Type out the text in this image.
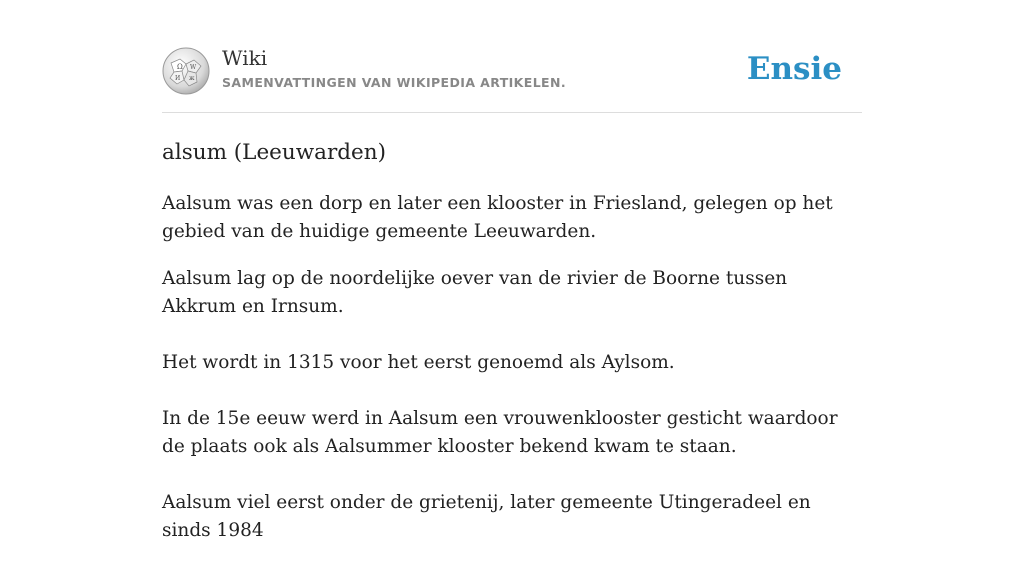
Ω W
И ж
Wiki
SAMENVATTINGEN VAN WIKIPEDIA ARTIKELEN.	Ensie
alsum (Leeuwarden)

Aalsum was een dorp en later een klooster in Friesland, gelegen op het gebied van de huidige gemeente Leeuwarden.

Aalsum lag op de noordelijke oever van de rivier de Boorne tussen Akkrum en Irnsum.

Het wordt in 1315 voor het eerst genoemd als Aylsom.

In de 15e eeuw werd in Aalsum een vrouwenklooster gesticht waardoor de plaats ook als Aalsummer klooster bekend kwam te staan.

Aalsum viel eerst onder de grietenij, later gemeente Utingeradeel en sinds 1984
